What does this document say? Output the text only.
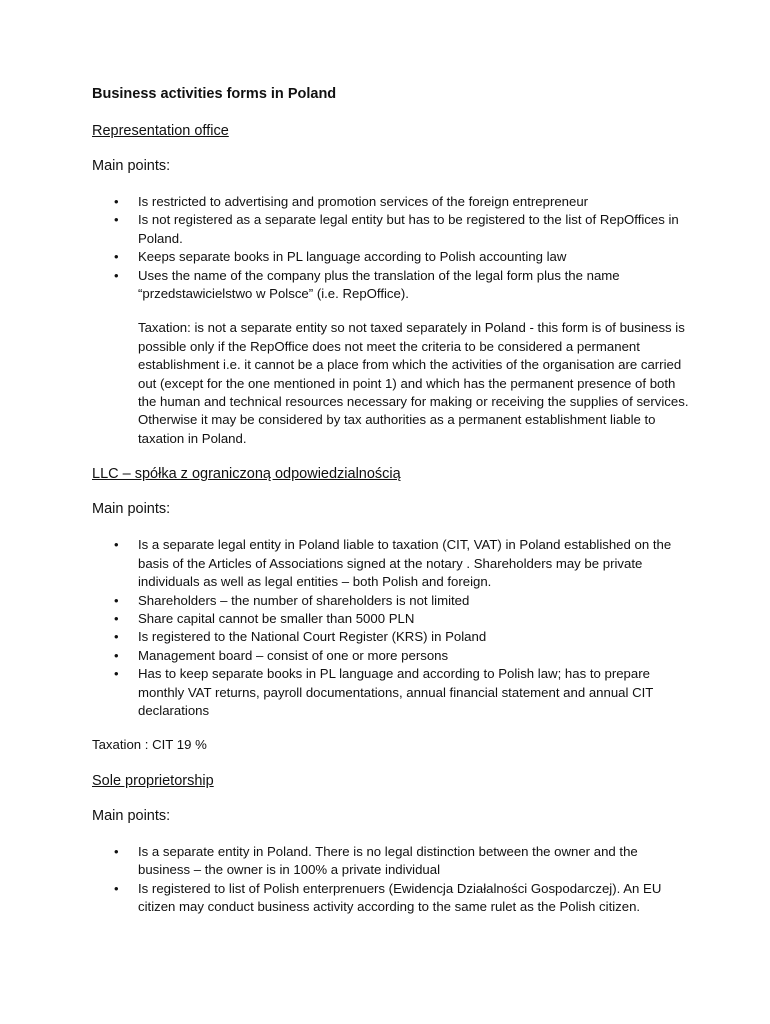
Business activities forms in Poland
Representation office
Main points:
• Is restricted to advertising and promotion services of the foreign entrepreneur
• Is not registered as a separate legal entity but has to be registered to the list of RepOffices in Poland.
• Keeps separate books in PL language according to Polish accounting law
• Uses the name of the company plus the translation of the legal form plus the name “przedstawicielstwo w Polsce” (i.e. RepOffice).
Taxation: is not a separate entity so not taxed separately in Poland - this form is of business is possible only if the RepOffice does not meet the criteria to be considered a permanent establishment i.e. it cannot be a place from which the activities of the organisation are carried out (except for the one mentioned in point 1) and which has the permanent presence of both the human and technical resources necessary for making or receiving the supplies of services. Otherwise it may be considered by tax authorities as a permanent establishment liable to taxation in Poland.
LLC – spółka z ograniczoną odpowiedzialnością
Main points:
• Is a separate legal entity in Poland liable to taxation (CIT, VAT) in Poland established on the basis of the Articles of Associations signed at the notary . Shareholders may be private individuals as well as legal entities – both Polish and foreign.
• Shareholders – the number of shareholders is not limited
• Share capital cannot be smaller than 5000 PLN
• Is registered to the National Court Register (KRS) in Poland
• Management board – consist of one or more persons
• Has to keep separate books in PL language and according to Polish law; has to prepare monthly VAT returns, payroll documentations, annual financial statement and annual CIT declarations
Taxation : CIT 19 %
Sole proprietorship
Main points:
• Is a separate entity in Poland. There is no legal distinction between the owner and the business – the owner is in 100% a private individual
• Is registered to list of Polish enterprenuers (Ewidencja Działalności Gospodarczej). An EU citizen may conduct business activity according to the same rulet as the Polish citizen.
